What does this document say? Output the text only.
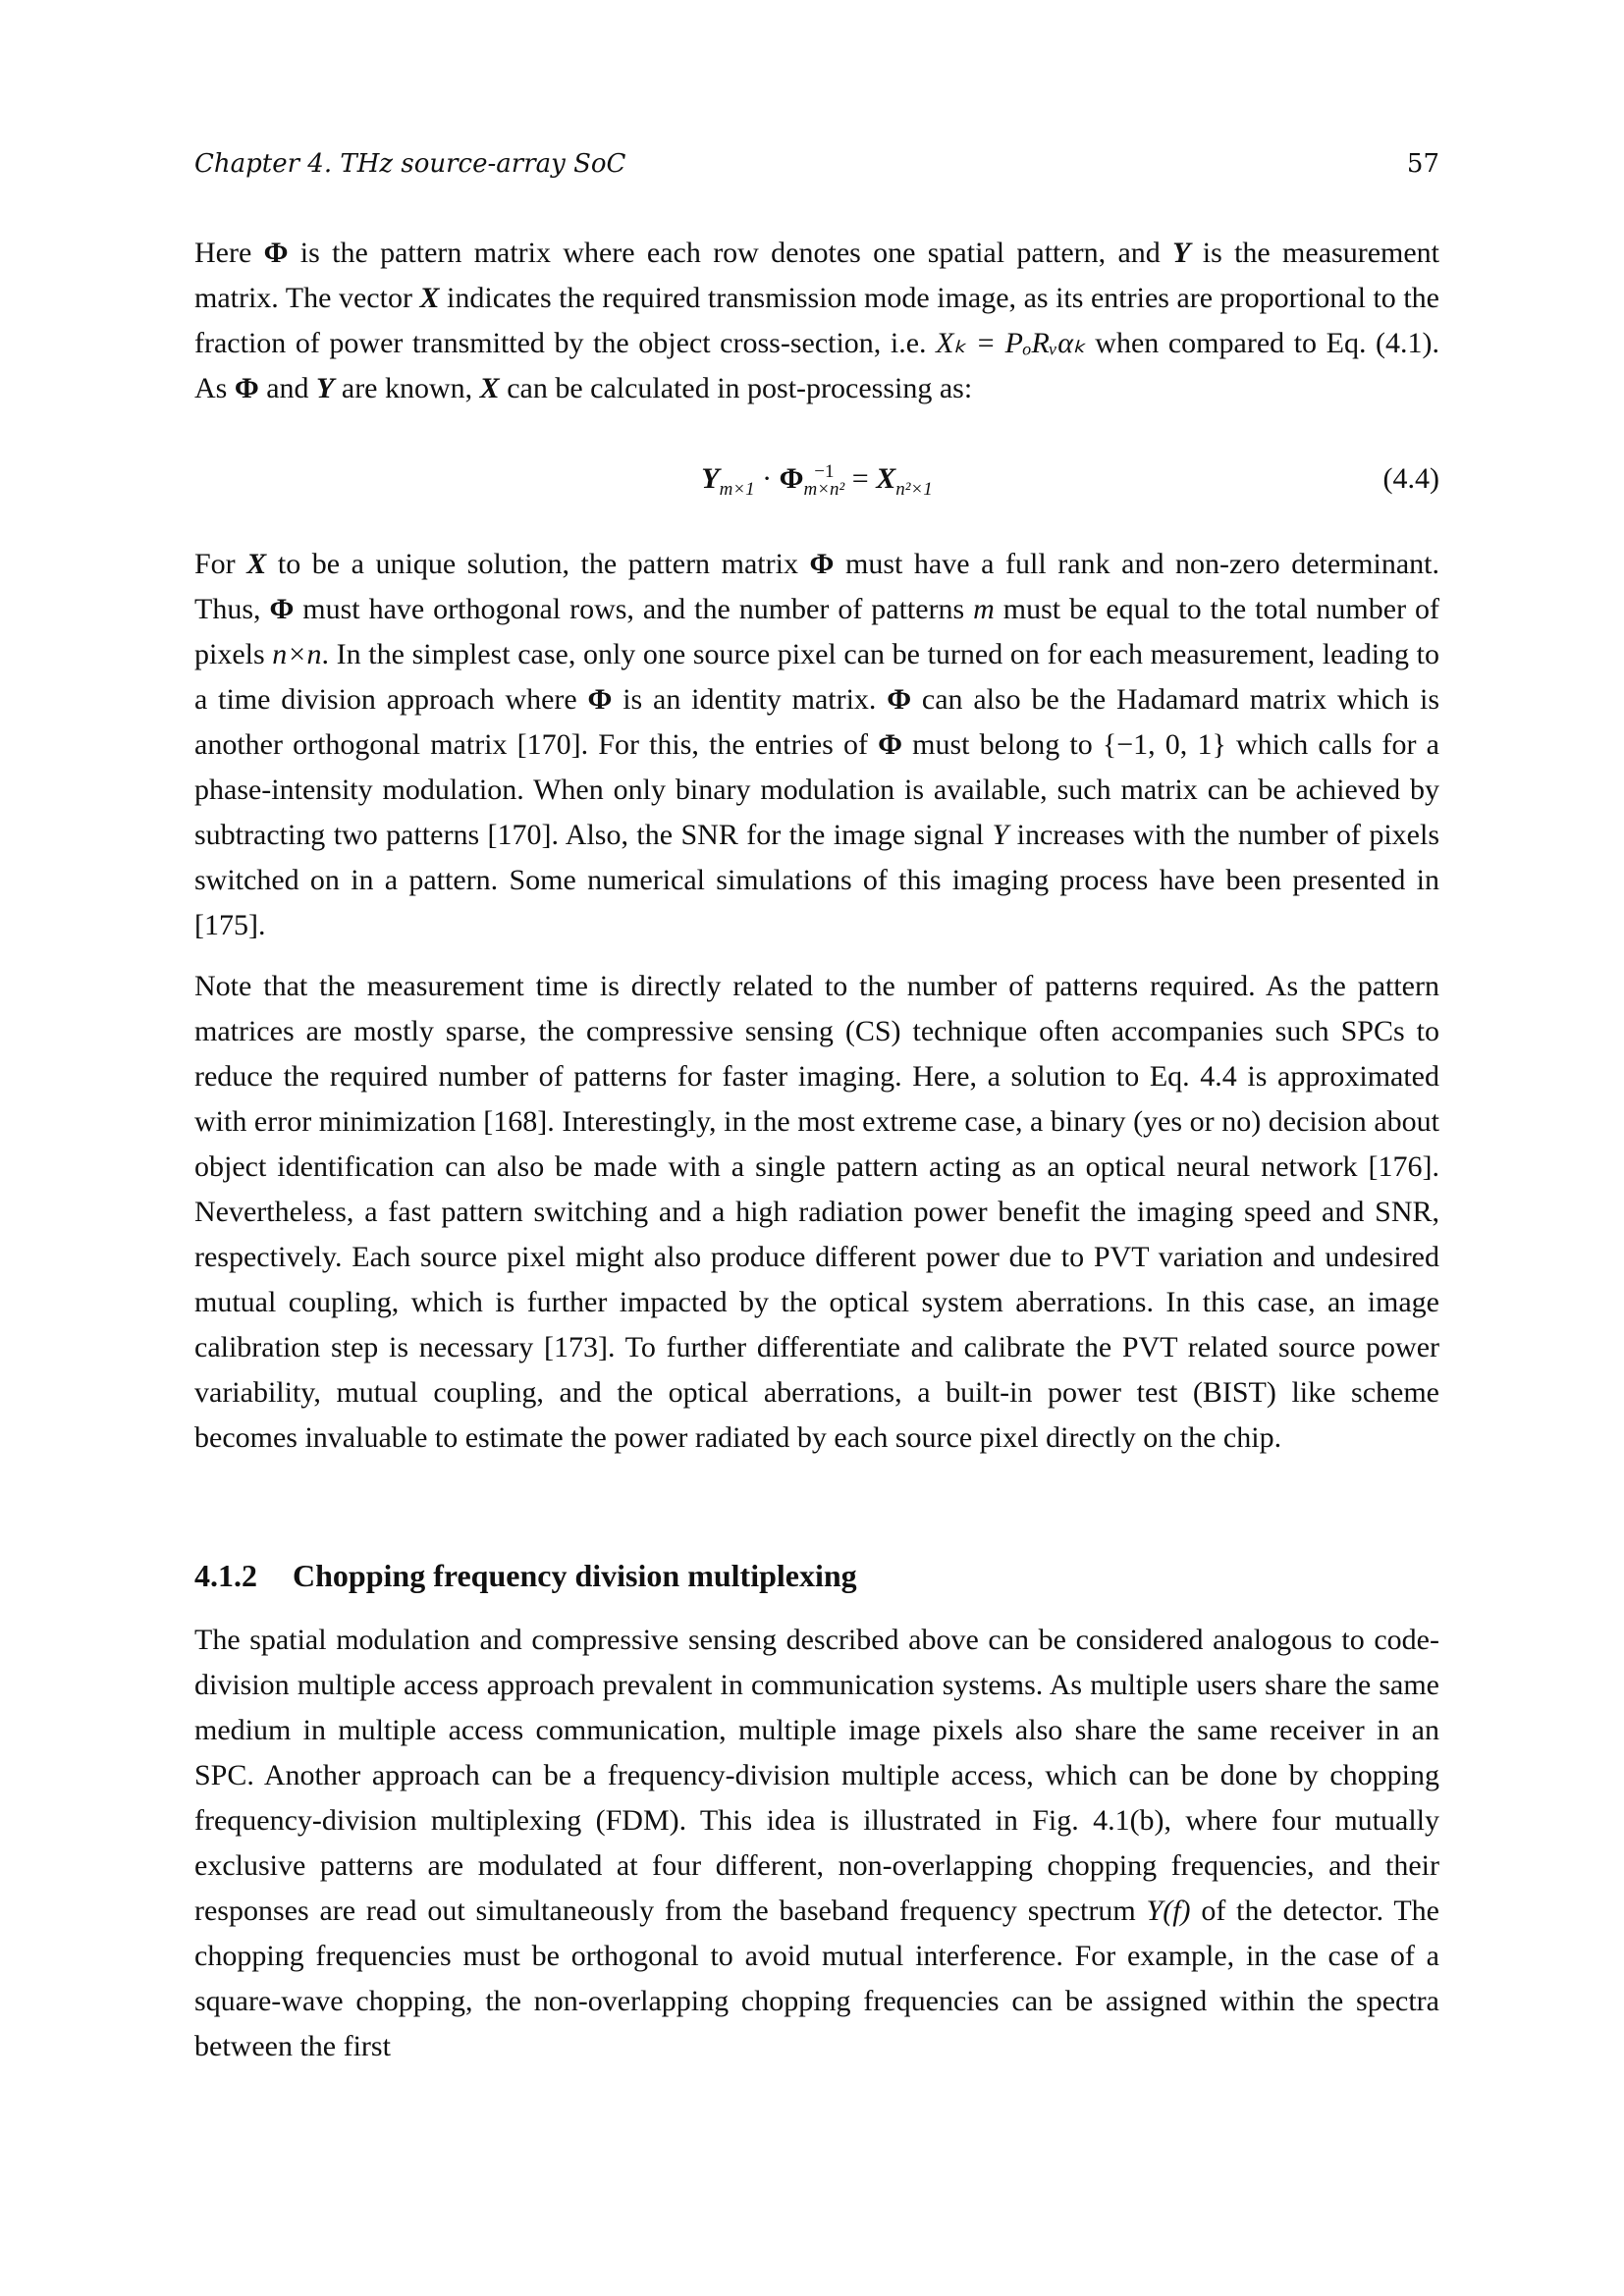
Chapter 4. THz source-array SoC	57
Here Φ is the pattern matrix where each row denotes one spatial pattern, and Y is the measurement matrix. The vector X indicates the required transmission mode image, as its entries are proportional to the fraction of power transmitted by the object cross-section, i.e. Xₖ = PₒRᵥαₖ when compared to Eq. (4.1). As Φ and Y are known, X can be calculated in post-processing as:
$Y_{m\times 1} \cdot \Phi -1$
$m\times n^2 = X_{n^2\times 1}$	(4.4)
For X to be a unique solution, the pattern matrix Φ must have a full rank and non-zero determinant. Thus, Φ must have orthogonal rows, and the number of patterns m must be equal to the total number of pixels n×n. In the simplest case, only one source pixel can be turned on for each measurement, leading to a time division approach where Φ is an identity matrix. Φ can also be the Hadamard matrix which is another orthogonal matrix [170]. For this, the entries of Φ must belong to {−1, 0, 1} which calls for a phase-intensity modulation. When only binary modulation is available, such matrix can be achieved by subtracting two patterns [170]. Also, the SNR for the image signal Y increases with the number of pixels switched on in a pattern. Some numerical simulations of this imaging process have been presented in [175].
Note that the measurement time is directly related to the number of patterns required. As the pattern matrices are mostly sparse, the compressive sensing (CS) technique often accompanies such SPCs to reduce the required number of patterns for faster imaging. Here, a solution to Eq. 4.4 is approximated with error minimization [168]. Interestingly, in the most extreme case, a binary (yes or no) decision about object identification can also be made with a single pattern acting as an optical neural network [176]. Nevertheless, a fast pattern switching and a high radiation power benefit the imaging speed and SNR, respectively. Each source pixel might also produce different power due to PVT variation and undesired mutual coupling, which is further impacted by the optical system aberrations. In this case, an image calibration step is necessary [173]. To further differentiate and calibrate the PVT related source power variability, mutual coupling, and the optical aberrations, a built-in power test (BIST) like scheme becomes invaluable to estimate the power radiated by each source pixel directly on the chip.
4.1.2 Chopping frequency division multiplexing
The spatial modulation and compressive sensing described above can be considered analogous to code-division multiple access approach prevalent in communication systems. As multiple users share the same medium in multiple access communication, multiple image pixels also share the same receiver in an SPC. Another approach can be a frequency-division multiple access, which can be done by chopping frequency-division multiplexing (FDM). This idea is illustrated in Fig. 4.1(b), where four mutually exclusive patterns are modulated at four different, non-overlapping chopping frequencies, and their responses are read out simultaneously from the baseband frequency spectrum Y(f) of the detector. The chopping frequencies must be orthogonal to avoid mutual interference. For example, in the case of a square-wave chopping, the non-overlapping chopping frequencies can be assigned within the spectra between the first
